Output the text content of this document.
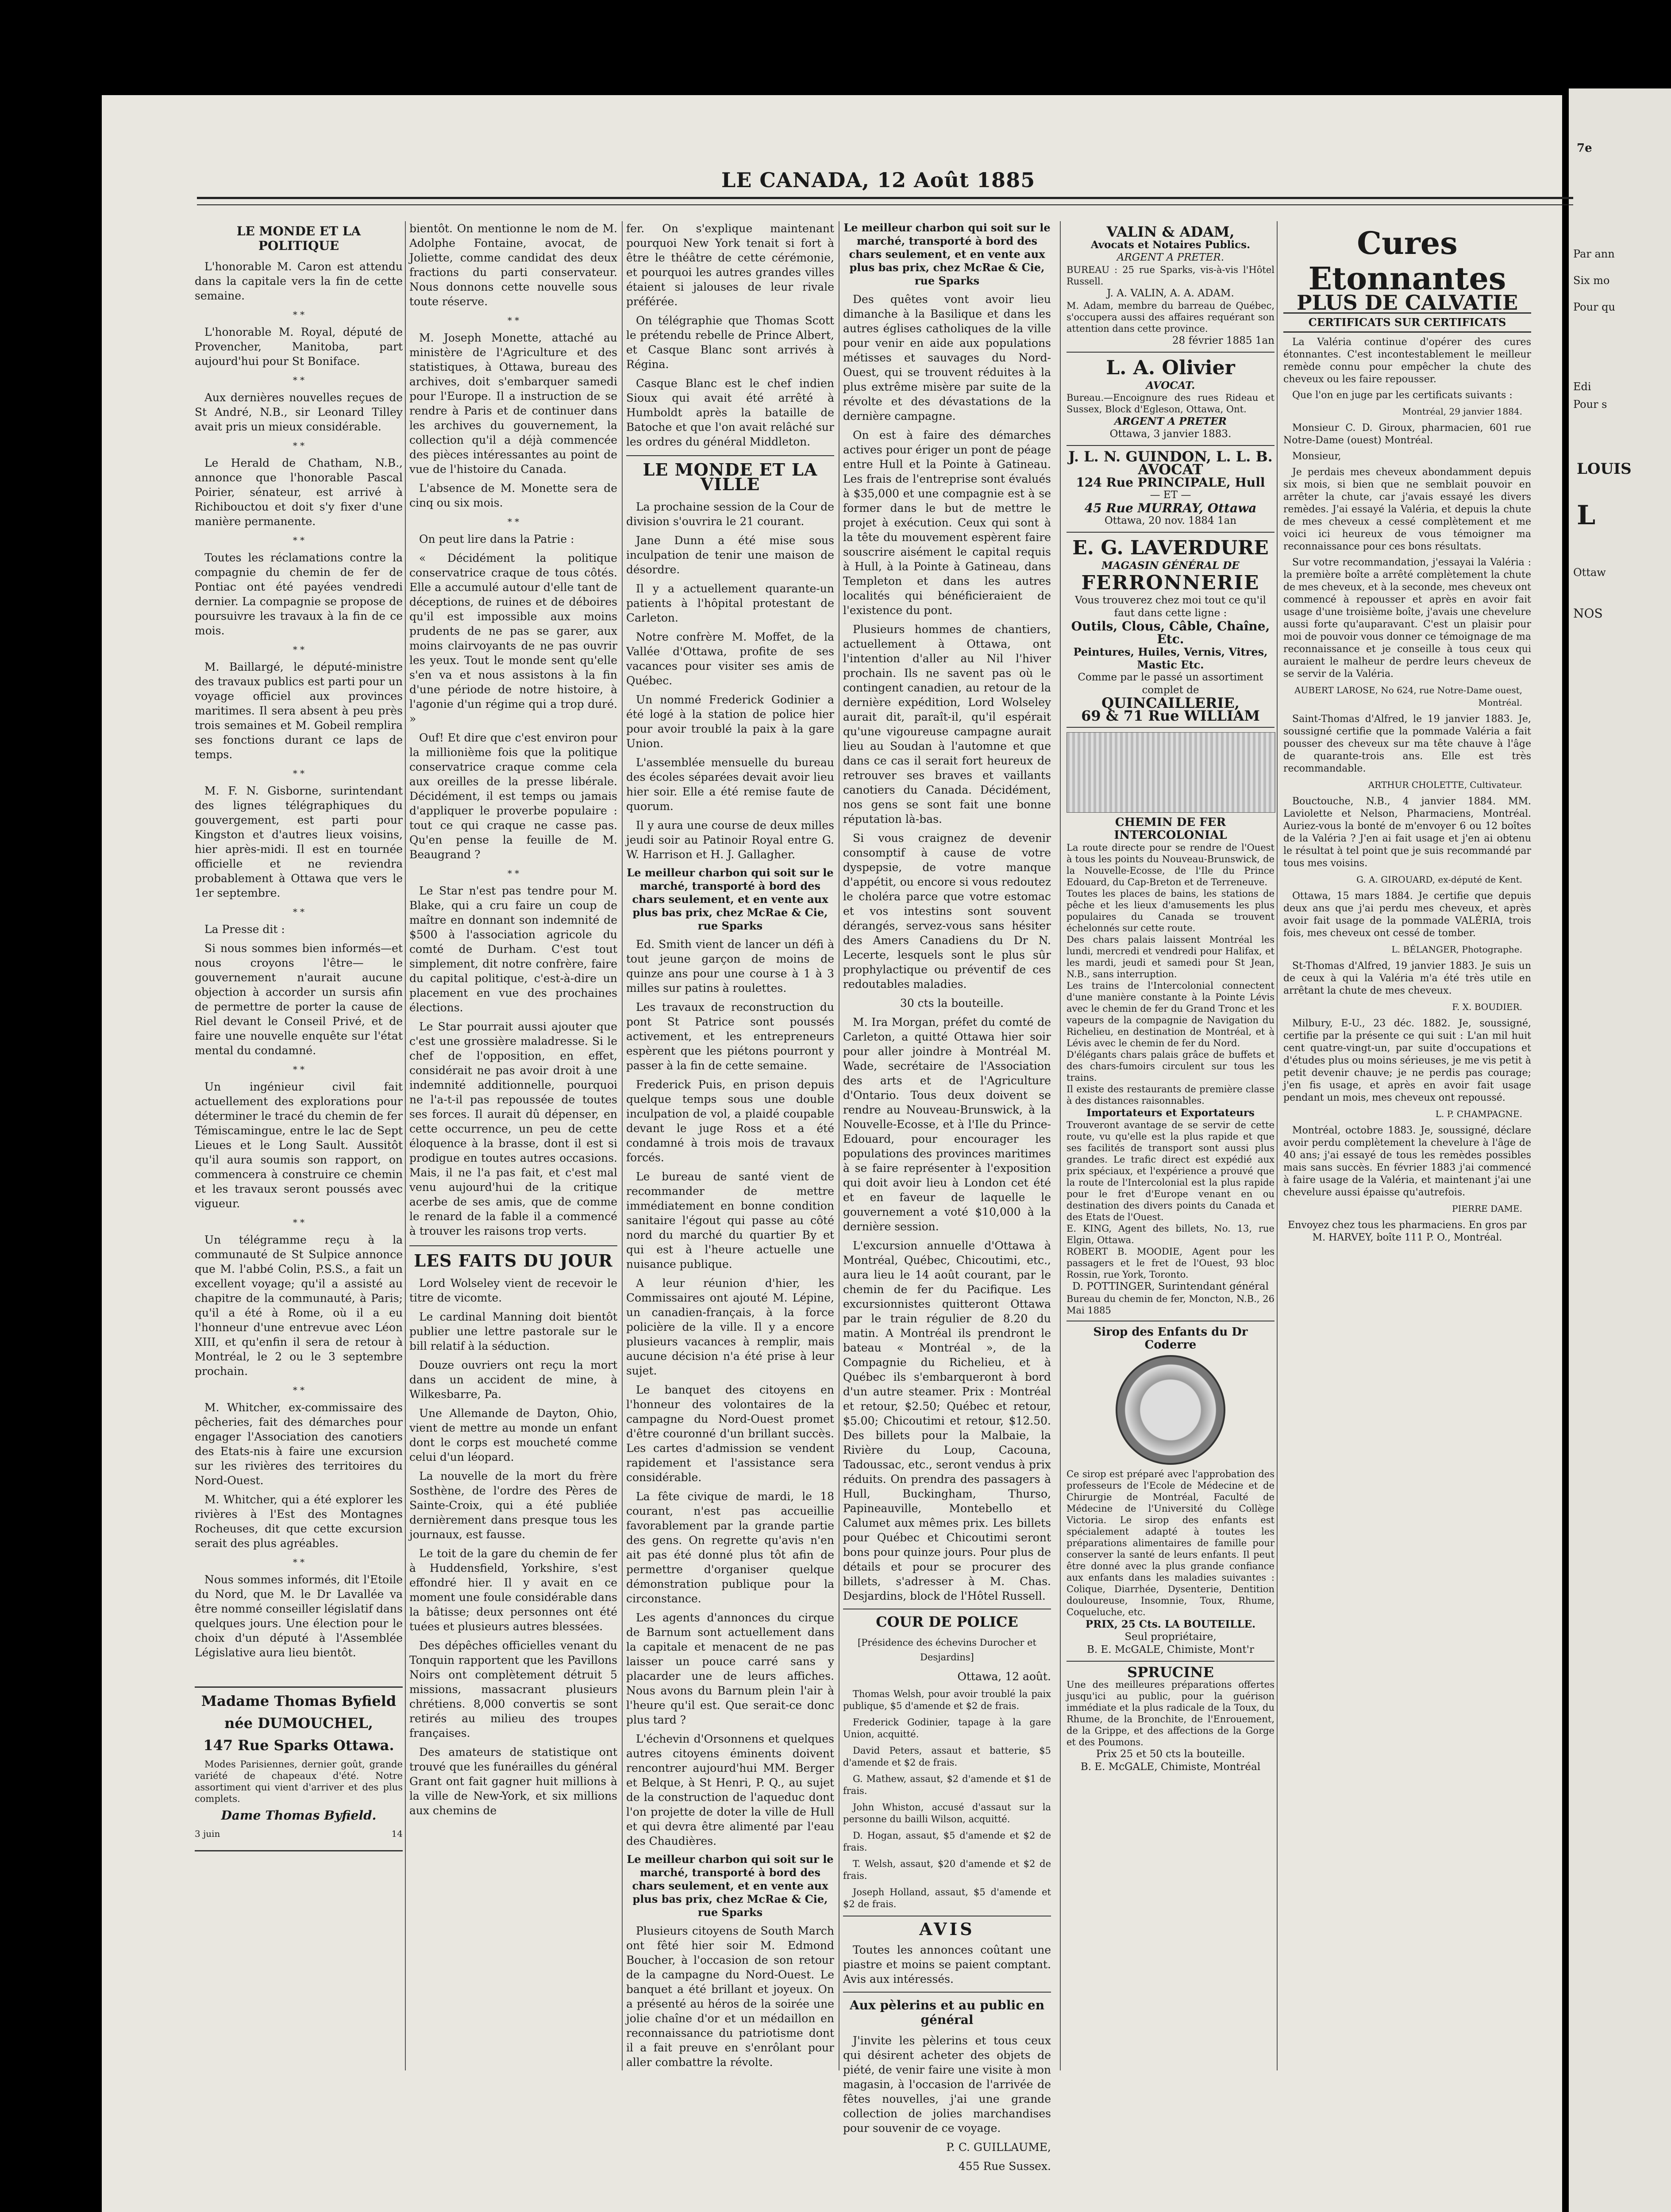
7e
Par ann
Six mo
Pour qu
Edi
Pour s
LOUIS
L
Ottaw
NOS
LE CANADA, 12 Août 1885

LE MONDE ET LA POLITIQUE

L'honorable M. Caron est attendu dans la capitale vers la fin de cette semaine.

* *

L'honorable M. Royal, député de Provencher, Manitoba, part aujourd'hui pour St Boniface.

* *

Aux dernières nouvelles reçues de St André, N.B., sir Leonard Tilley avait pris un mieux considérable.

* *

Le Herald de Chatham, N.B., annonce que l'honorable Pascal Poirier, sénateur, est arrivé à Richibouctou et doit s'y fixer d'une manière permanente.

* *

Toutes les réclamations contre la compagnie du chemin de fer de Pontiac ont été payées vendredi dernier. La compagnie se propose de poursuivre les travaux à la fin de ce mois.

* *

M. Baillargé, le député-ministre des travaux publics est parti pour un voyage officiel aux provinces maritimes. Il sera absent à peu près trois semaines et M. Gobeil remplira ses fonctions durant ce laps de temps.

* *

M. F. N. Gisborne, surintendant des lignes télégraphiques du gouvergement, est parti pour Kingston et d'autres lieux voisins, hier après-midi. Il est en tournée officielle et ne reviendra probablement à Ottawa que vers le 1er septembre.

* *

La Presse dit :

Si nous sommes bien informés—et nous croyons l'être— le gouvernement n'aurait aucune objection à accorder un sursis afin de permettre de porter la cause de Riel devant le Conseil Privé, et de faire une nouvelle enquête sur l'état mental du condamné.

* *

Un ingénieur civil fait actuellement des explorations pour déterminer le tracé du chemin de fer Témiscamingue, entre le lac de Sept Lieues et le Long Sault. Aussitôt qu'il aura soumis son rapport, on commencera à construire ce chemin et les travaux seront poussés avec vigueur.

* *

Un télégramme reçu à la communauté de St Sulpice annonce que M. l'abbé Colin, P.S.S., a fait un excellent voyage; qu'il a assisté au chapitre de la communauté, à Paris; qu'il a été à Rome, où il a eu l'honneur d'une entrevue avec Léon XIII, et qu'enfin il sera de retour à Montréal, le 2 ou le 3 septembre prochain.

* *

M. Whitcher, ex-commissaire des pêcheries, fait des démarches pour engager l'Association des canotiers des Etats-nis à faire une excursion sur les rivières des territoires du Nord-Ouest.

M. Whitcher, qui a été explorer les rivières à l'Est des Montagnes Rocheuses, dit que cette excursion serait des plus agréables.

* *

Nous sommes informés, dit l'Etoile du Nord, que M. le Dr Lavallée va être nommé conseiller législatif dans quelques jours. Une élection pour le choix d'un député à l'Assemblée Législative aura lieu bientôt.

Madame Thomas Byfield

née DUMOUCHEL,

147 Rue Sparks Ottawa.

Modes Parisiennes, dernier goût, grande variété de chapeaux d'été. Notre assortiment qui vient d'arriver et des plus complets.

Dame Thomas Byfield.

3 juin	14

bientôt. On mentionne le nom de M. Adolphe Fontaine, avocat, de Joliette, comme candidat des deux fractions du parti conservateur. Nous donnons cette nouvelle sous toute réserve.

* *

M. Joseph Monette, attaché au ministère de l'Agriculture et des statistiques, à Ottawa, bureau des archives, doit s'embarquer samedi pour l'Europe. Il a instruction de se rendre à Paris et de continuer dans les archives du gouvernement, la collection qu'il a déjà commencée des pièces intéressantes au point de vue de l'histoire du Canada.

L'absence de M. Monette sera de cinq ou six mois.

* *

On peut lire dans la Patrie :

« Décidément la politique conservatrice craque de tous côtés. Elle a accumulé autour d'elle tant de déceptions, de ruines et de déboires qu'il est impossible aux moins prudents de ne pas se garer, aux moins clairvoyants de ne pas ouvrir les yeux. Tout le monde sent qu'elle s'en va et nous assistons à la fin d'une période de notre histoire, à l'agonie d'un régime qui a trop duré. »

Ouf! Et dire que c'est environ pour la millionième fois que la politique conservatrice craque comme cela aux oreilles de la presse libérale. Décidément, il est temps ou jamais d'appliquer le proverbe populaire : tout ce qui craque ne casse pas. Qu'en pense la feuille de M. Beaugrand ?

* *

Le Star n'est pas tendre pour M. Blake, qui a cru faire un coup de maître en donnant son indemnité de $500 à l'association agricole du comté de Durham. C'est tout simplement, dit notre confrère, faire du capital politique, c'est-à-dire un placement en vue des prochaines élections.

Le Star pourrait aussi ajouter que c'est une grossière maladresse. Si le chef de l'opposition, en effet, considérait ne pas avoir droit à une indemnité additionnelle, pourquoi ne l'a-t-il pas repoussée de toutes ses forces. Il aurait dû dépenser, en cette occurrence, un peu de cette éloquence à la brasse, dont il est si prodigue en toutes autres occasions. Mais, il ne l'a pas fait, et c'est mal venu aujourd'hui de la critique acerbe de ses amis, que de comme le renard de la fable il a commencé à trouver les raisons trop verts.

LES FAITS DU JOUR

Lord Wolseley vient de recevoir le titre de vicomte.

Le cardinal Manning doit bientôt publier une lettre pastorale sur le bill relatif à la séduction.

Douze ouvriers ont reçu la mort dans un accident de mine, à Wilkesbarre, Pa.

Une Allemande de Dayton, Ohio, vient de mettre au monde un enfant dont le corps est moucheté comme celui d'un léopard.

La nouvelle de la mort du frère Sosthène, de l'ordre des Pères de Sainte-Croix, qui a été publiée dernièrement dans presque tous les journaux, est fausse.

Le toit de la gare du chemin de fer à Huddensfield, Yorkshire, s'est effondré hier. Il y avait en ce moment une foule considérable dans la bâtisse; deux personnes ont été tuées et plusieurs autres blessées.

Des dépêches officielles venant du Tonquin rapportent que les Pavillons Noirs ont complètement détruit 5 missions, massacrant plusieurs chrétiens. 8,000 convertis se sont retirés au milieu des troupes françaises.

Des amateurs de statistique ont trouvé que les funérailles du général Grant ont fait gagner huit millions à la ville de New-York, et six millions aux chemins de

fer. On s'explique maintenant pourquoi New York tenait si fort à être le théâtre de cette cérémonie, et pourquoi les autres grandes villes étaient si jalouses de leur rivale préférée.

On télégraphie que Thomas Scott le prétendu rebelle de Prince Albert, et Casque Blanc sont arrivés à Régina.

Casque Blanc est le chef indien Sioux qui avait été arrêté à Humboldt après la bataille de Batoche et que l'on avait relâché sur les ordres du général Middleton.

LE MONDE ET LA VILLE

La prochaine session de la Cour de division s'ouvrira le 21 courant.

Jane Dunn a été mise sous inculpation de tenir une maison de désordre.

Il y a actuellement quarante-un patients à l'hôpital protestant de Carleton.

Notre confrère M. Moffet, de la Vallée d'Ottawa, profite de ses vacances pour visiter ses amis de Québec.

Un nommé Frederick Godinier a été logé à la station de police hier pour avoir troublé la paix à la gare Union.

L'assemblée mensuelle du bureau des écoles séparées devait avoir lieu hier soir. Elle a été remise faute de quorum.

Il y aura une course de deux milles jeudi soir au Patinoir Royal entre G. W. Harrison et H. J. Gallagher.

Le meilleur charbon qui soit sur le marché, transporté à bord des chars seulement, et en vente aux plus bas prix, chez McRae & Cie, rue Sparks

Ed. Smith vient de lancer un défi à tout jeune garçon de moins de quinze ans pour une course à 1 à 3 milles sur patins à roulettes.

Les travaux de reconstruction du pont St Patrice sont poussés activement, et les entrepreneurs espèrent que les piétons pourront y passer à la fin de cette semaine.

Frederick Puis, en prison depuis quelque temps sous une double inculpation de vol, a plaidé coupable devant le juge Ross et a été condamné à trois mois de travaux forcés.

Le bureau de santé vient de recommander de mettre immédiatement en bonne condition sanitaire l'égout qui passe au côté nord du marché du quartier By et qui est à l'heure actuelle une nuisance publique.

A leur réunion d'hier, les Commissaires ont ajouté M. Lépine, un canadien-français, à la force policière de la ville. Il y a encore plusieurs vacances à remplir, mais aucune décision n'a été prise à leur sujet.

Le banquet des citoyens en l'honneur des volontaires de la campagne du Nord-Ouest promet d'être couronné d'un brillant succès. Les cartes d'admission se vendent rapidement et l'assistance sera considérable.

La fête civique de mardi, le 18 courant, n'est pas accueillie favorablement par la grande partie des gens. On regrette qu'avis n'en ait pas été donné plus tôt afin de permettre d'organiser quelque démonstration publique pour la circonstance.

Les agents d'annonces du cirque de Barnum sont actuellement dans la capitale et menacent de ne pas laisser un pouce carré sans y placarder une de leurs affiches. Nous avons du Barnum plein l'air à l'heure qu'il est. Que serait-ce donc plus tard ?

L'échevin d'Orsonnens et quelques autres citoyens éminents doivent rencontrer aujourd'hui MM. Berger et Belque, à St Henri, P. Q., au sujet de la construction de l'aqueduc dont l'on projette de doter la ville de Hull et qui devra être alimenté par l'eau des Chaudières.

Le meilleur charbon qui soit sur le marché, transporté à bord des chars seulement, et en vente aux plus bas prix, chez McRae & Cie, rue Sparks

Plusieurs citoyens de South March ont fêté hier soir M. Edmond Boucher, à l'occasion de son retour de la campagne du Nord-Ouest. Le banquet a été brillant et joyeux. On a présenté au héros de la soirée une jolie chaîne d'or et un médaillon en reconnaissance du patriotisme dont il a fait preuve en s'enrôlant pour aller combattre la révolte.

Le meilleur charbon qui soit sur le marché, transporté à bord des chars seulement, et en vente aux plus bas prix, chez McRae & Cie, rue Sparks

Des quêtes vont avoir lieu dimanche à la Basilique et dans les autres églises catholiques de la ville pour venir en aide aux populations métisses et sauvages du Nord-Ouest, qui se trouvent réduites à la plus extrême misère par suite de la révolte et des dévastations de la dernière campagne.

On est à faire des démarches actives pour ériger un pont de péage entre Hull et la Pointe à Gatineau. Les frais de l'entreprise sont évalués à $35,000 et une compagnie est à se former dans le but de mettre le projet à exécution. Ceux qui sont à la tête du mouvement espèrent faire souscrire aisément le capital requis à Hull, à la Pointe à Gatineau, dans Templeton et dans les autres localités qui bénéficieraient de l'existence du pont.

Plusieurs hommes de chantiers, actuellement à Ottawa, ont l'intention d'aller au Nil l'hiver prochain. Ils ne savent pas où le contingent canadien, au retour de la dernière expédition, Lord Wolseley aurait dit, paraît-il, qu'il espérait qu'une vigoureuse campagne aurait lieu au Soudan à l'automne et que dans ce cas il serait fort heureux de retrouver ses braves et vaillants canotiers du Canada. Décidément, nos gens se sont fait une bonne réputation là-bas.

Si vous craignez de devenir consomptif à cause de votre dyspepsie, de votre manque d'appétit, ou encore si vous redoutez le choléra parce que votre estomac et vos intestins sont souvent dérangés, servez-vous sans hésiter des Amers Canadiens du Dr N. Lecerte, lesquels sont le plus sûr prophylactique ou préventif de ces redoutables maladies.

30 cts la bouteille.

M. Ira Morgan, préfet du comté de Carleton, a quitté Ottawa hier soir pour aller joindre à Montréal M. Wade, secrétaire de l'Association des arts et de l'Agriculture d'Ontario. Tous deux doivent se rendre au Nouveau-Brunswick, à la Nouvelle-Ecosse, et à l'Ile du Prince-Edouard, pour encourager les populations des provinces maritimes à se faire représenter à l'exposition qui doit avoir lieu à London cet été et en faveur de laquelle le gouvernement a voté $10,000 à la dernière session.

L'excursion annuelle d'Ottawa à Montréal, Québec, Chicoutimi, etc., aura lieu le 14 août courant, par le chemin de fer du Pacifique. Les excursionnistes quitteront Ottawa par le train régulier de 8.20 du matin. A Montréal ils prendront le bateau « Montréal », de la Compagnie du Richelieu, et à Québec ils s'embarqueront à bord d'un autre steamer. Prix : Montréal et retour, $2.50; Québec et retour, $5.00; Chicoutimi et retour, $12.50. Des billets pour la Malbaie, la Rivière du Loup, Cacouna, Tadoussac, etc., seront vendus à prix réduits. On prendra des passagers à Hull, Buckingham, Thurso, Papineauville, Montebello et Calumet aux mêmes prix. Les billets pour Québec et Chicoutimi seront bons pour quinze jours. Pour plus de détails et pour se procurer des billets, s'adresser à M. Chas. Desjardins, block de l'Hôtel Russell.

COUR DE POLICE

[Présidence des échevins Durocher et Desjardins]

Ottawa, 12 août.

Thomas Welsh, pour avoir troublé la paix publique, $5 d'amende et $2 de frais.

Frederick Godinier, tapage à la gare Union, acquitté.

David Peters, assaut et batterie, $5 d'amende et $2 de frais.

G. Mathew, assaut, $2 d'amende et $1 de frais.

John Whiston, accusé d'assaut sur la personne du bailli Wilson, acquitté.

D. Hogan, assaut, $5 d'amende et $2 de frais.

T. Welsh, assaut, $20 d'amende et $2 de frais.

Joseph Holland, assaut, $5 d'amende et $2 de frais.

AVIS

Toutes les annonces coûtant une piastre et moins se paient comptant. Avis aux intéressés.

Aux pèlerins et au public en général

J'invite les pèlerins et tous ceux qui désirent acheter des objets de piété, de venir faire une visite à mon magasin, à l'occasion de l'arrivée de fêtes nouvelles, j'ai une grande collection de jolies marchandises pour souvenir de ce voyage.

P. C. GUILLAUME,

455 Rue Sussex.

VALIN & ADAM,
Avocats et Notaires Publics.
ARGENT A PRETER.
BUREAU : 25 rue Sparks, vis-à-vis l'Hôtel Russell.
J. A. VALIN, A. A. ADAM.
M. Adam, membre du barreau de Québec, s'occupera aussi des affaires requérant son attention dans cette province.
28 février 1885 1an
L. A. Olivier
AVOCAT.
Bureau.—Encoignure des rues Rideau et Sussex, Block d'Egleson, Ottawa, Ont.
ARGENT A PRETER
Ottawa, 3 janvier 1883.
J. L. N. GUINDON, L. L. B.
AVOCAT
124 Rue PRINCIPALE, Hull
— ET —
45 Rue MURRAY, Ottawa
Ottawa, 20 nov. 1884 1an
E. G. LAVERDURE
MAGASIN GÉNÉRAL DE
FERRONNERIE
Vous trouverez chez moi tout ce qu'il faut dans cette ligne :
Outils, Clous, Câble, Chaîne, Etc.
Peintures, Huiles, Vernis, Vitres, Mastic Etc.
Comme par le passé un assortiment complet de
QUINCAILLERIE,
69 & 71 Rue WILLIAM
CHEMIN DE FER INTERCOLONIAL
La route directe pour se rendre de l'Ouest à tous les points du Nouveau-Brunswick, de la Nouvelle-Ecosse, de l'Ile du Prince Edouard, du Cap-Breton et de Terreneuve.
Toutes les places de bains, les stations de pêche et les lieux d'amusements les plus populaires du Canada se trouvent échelonnés sur cette route.
Des chars palais laissent Montréal les lundi, mercredi et vendredi pour Halifax, et les mardi, jeudi et samedi pour St Jean, N.B., sans interruption.
Les trains de l'Intercolonial connectent d'une manière constante à la Pointe Lévis avec le chemin de fer du Grand Tronc et les vapeurs de la compagnie de Navigation du Richelieu, en destination de Montréal, et à Lévis avec le chemin de fer du Nord.
D'élégants chars palais grâce de buffets et des chars-fumoirs circulent sur tous les trains.
Il existe des restaurants de première classe à des distances raisonnables.
Importateurs et Exportateurs
Trouveront avantage de se servir de cette route, vu qu'elle est la plus rapide et que ses facilités de transport sont aussi plus grandes. Le trafic direct est expédié aux prix spéciaux, et l'expérience a prouvé que la route de l'Intercolonial est la plus rapide pour le fret d'Europe venant en ou destination des divers points du Canada et des Etats de l'Ouest.
E. KING, Agent des billets, No. 13, rue Elgin, Ottawa.
ROBERT B. MOODIE, Agent pour les passagers et le fret de l'Ouest, 93 bloc Rossin, rue York, Toronto.
D. POTTINGER, Surintendant général
Bureau du chemin de fer, Moncton, N.B., 26 Mai 1885
Sirop des Enfants du Dr Coderre
Ce sirop est préparé avec l'approbation des professeurs de l'Ecole de Médecine et de Chirurgie de Montréal, Faculté de Médecine de l'Université du Collège Victoria. Le sirop des enfants est spécialement adapté à toutes les préparations alimentaires de famille pour conserver la santé de leurs enfants. Il peut être donné avec la plus grande confiance aux enfants dans les maladies suivantes : Colique, Diarrhée, Dysenterie, Dentition douloureuse, Insomnie, Toux, Rhume, Coqueluche, etc.
PRIX, 25 Cts. LA BOUTEILLE.
Seul propriétaire,
B. E. McGALE, Chimiste, Mont'r
SPRUCINE
Une des meilleures préparations offertes jusqu'ici au public, pour la guérison immédiate et la plus radicale de la Toux, du Rhume, de la Bronchite, de l'Enrouement, de la Grippe, et des affections de la Gorge et des Poumons.
Prix 25 et 50 cts la bouteille.
B. E. McGALE, Chimiste, Montréal
Cures Etonnantes
PLUS DE CALVATIE
CERTIFICATS SUR CERTIFICATS

La Valéria continue d'opérer des cures étonnantes. C'est incontestablement le meilleur remède connu pour empêcher la chute des cheveux ou les faire repousser.

Que l'on en juge par les certificats suivants :

Montréal, 29 janvier 1884.

Monsieur C. D. Giroux, pharmacien, 601 rue Notre-Dame (ouest) Montréal.

Monsieur,

Je perdais mes cheveux abondamment depuis six mois, si bien que ne semblait pouvoir en arrêter la chute, car j'avais essayé les divers remèdes. J'ai essayé la Valéria, et depuis la chute de mes cheveux a cessé complètement et me voici ici heureux de vous témoigner ma reconnaissance pour ces bons résultats.

Sur votre recommandation, j'essayai la Valéria : la première boîte a arrêté complètement la chute de mes cheveux, et à la seconde, mes cheveux ont commencé à repousser et après en avoir fait usage d'une troisième boîte, j'avais une chevelure aussi forte qu'auparavant. C'est un plaisir pour moi de pouvoir vous donner ce témoignage de ma reconnaissance et je conseille à tous ceux qui auraient le malheur de perdre leurs cheveux de se servir de la Valéria.

AUBERT LAROSE, No 624, rue Notre-Dame ouest, Montréal.

Saint-Thomas d'Alfred, le 19 janvier 1883. Je, soussigné certifie que la pommade Valéria a fait pousser des cheveux sur ma tête chauve à l'âge de quarante-trois ans. Elle est très recommandable.

ARTHUR CHOLETTE, Cultivateur.

Bouctouche, N.B., 4 janvier 1884. MM. Laviolette et Nelson, Pharmaciens, Montréal. Auriez-vous la bonté de m'envoyer 6 ou 12 boîtes de la Valéria ? J'en ai fait usage et j'en ai obtenu le résultat à tel point que je suis recommandé par tous mes voisins.

G. A. GIROUARD, ex-député de Kent.

Ottawa, 15 mars 1884. Je certifie que depuis deux ans que j'ai perdu mes cheveux, et après avoir fait usage de la pommade VALÉRIA, trois fois, mes cheveux ont cessé de tomber.

L. BÉLANGER, Photographe.

St-Thomas d'Alfred, 19 janvier 1883. Je suis un de ceux à qui la Valéria m'a été très utile en arrêtant la chute de mes cheveux.

F. X. BOUDIER.

Milbury, E-U., 23 déc. 1882. Je, soussigné, certifie par la présente ce qui suit : L'an mil huit cent quatre-vingt-un, par suite d'occupations et d'études plus ou moins sérieuses, je me vis petit à petit devenir chauve; je ne perdis pas courage; j'en fis usage, et après en avoir fait usage pendant un mois, mes cheveux ont repoussé.

L. P. CHAMPAGNE.

Montréal, octobre 1883. Je, soussigné, déclare avoir perdu complètement la chevelure à l'âge de 40 ans; j'ai essayé de tous les remèdes possibles mais sans succès. En février 1883 j'ai commencé à faire usage de la Valéria, et maintenant j'ai une chevelure aussi épaisse qu'autrefois.

PIERRE DAME.

Envoyez chez tous les pharmaciens. En gros par M. HARVEY, boîte 111 P. O., Montréal.
